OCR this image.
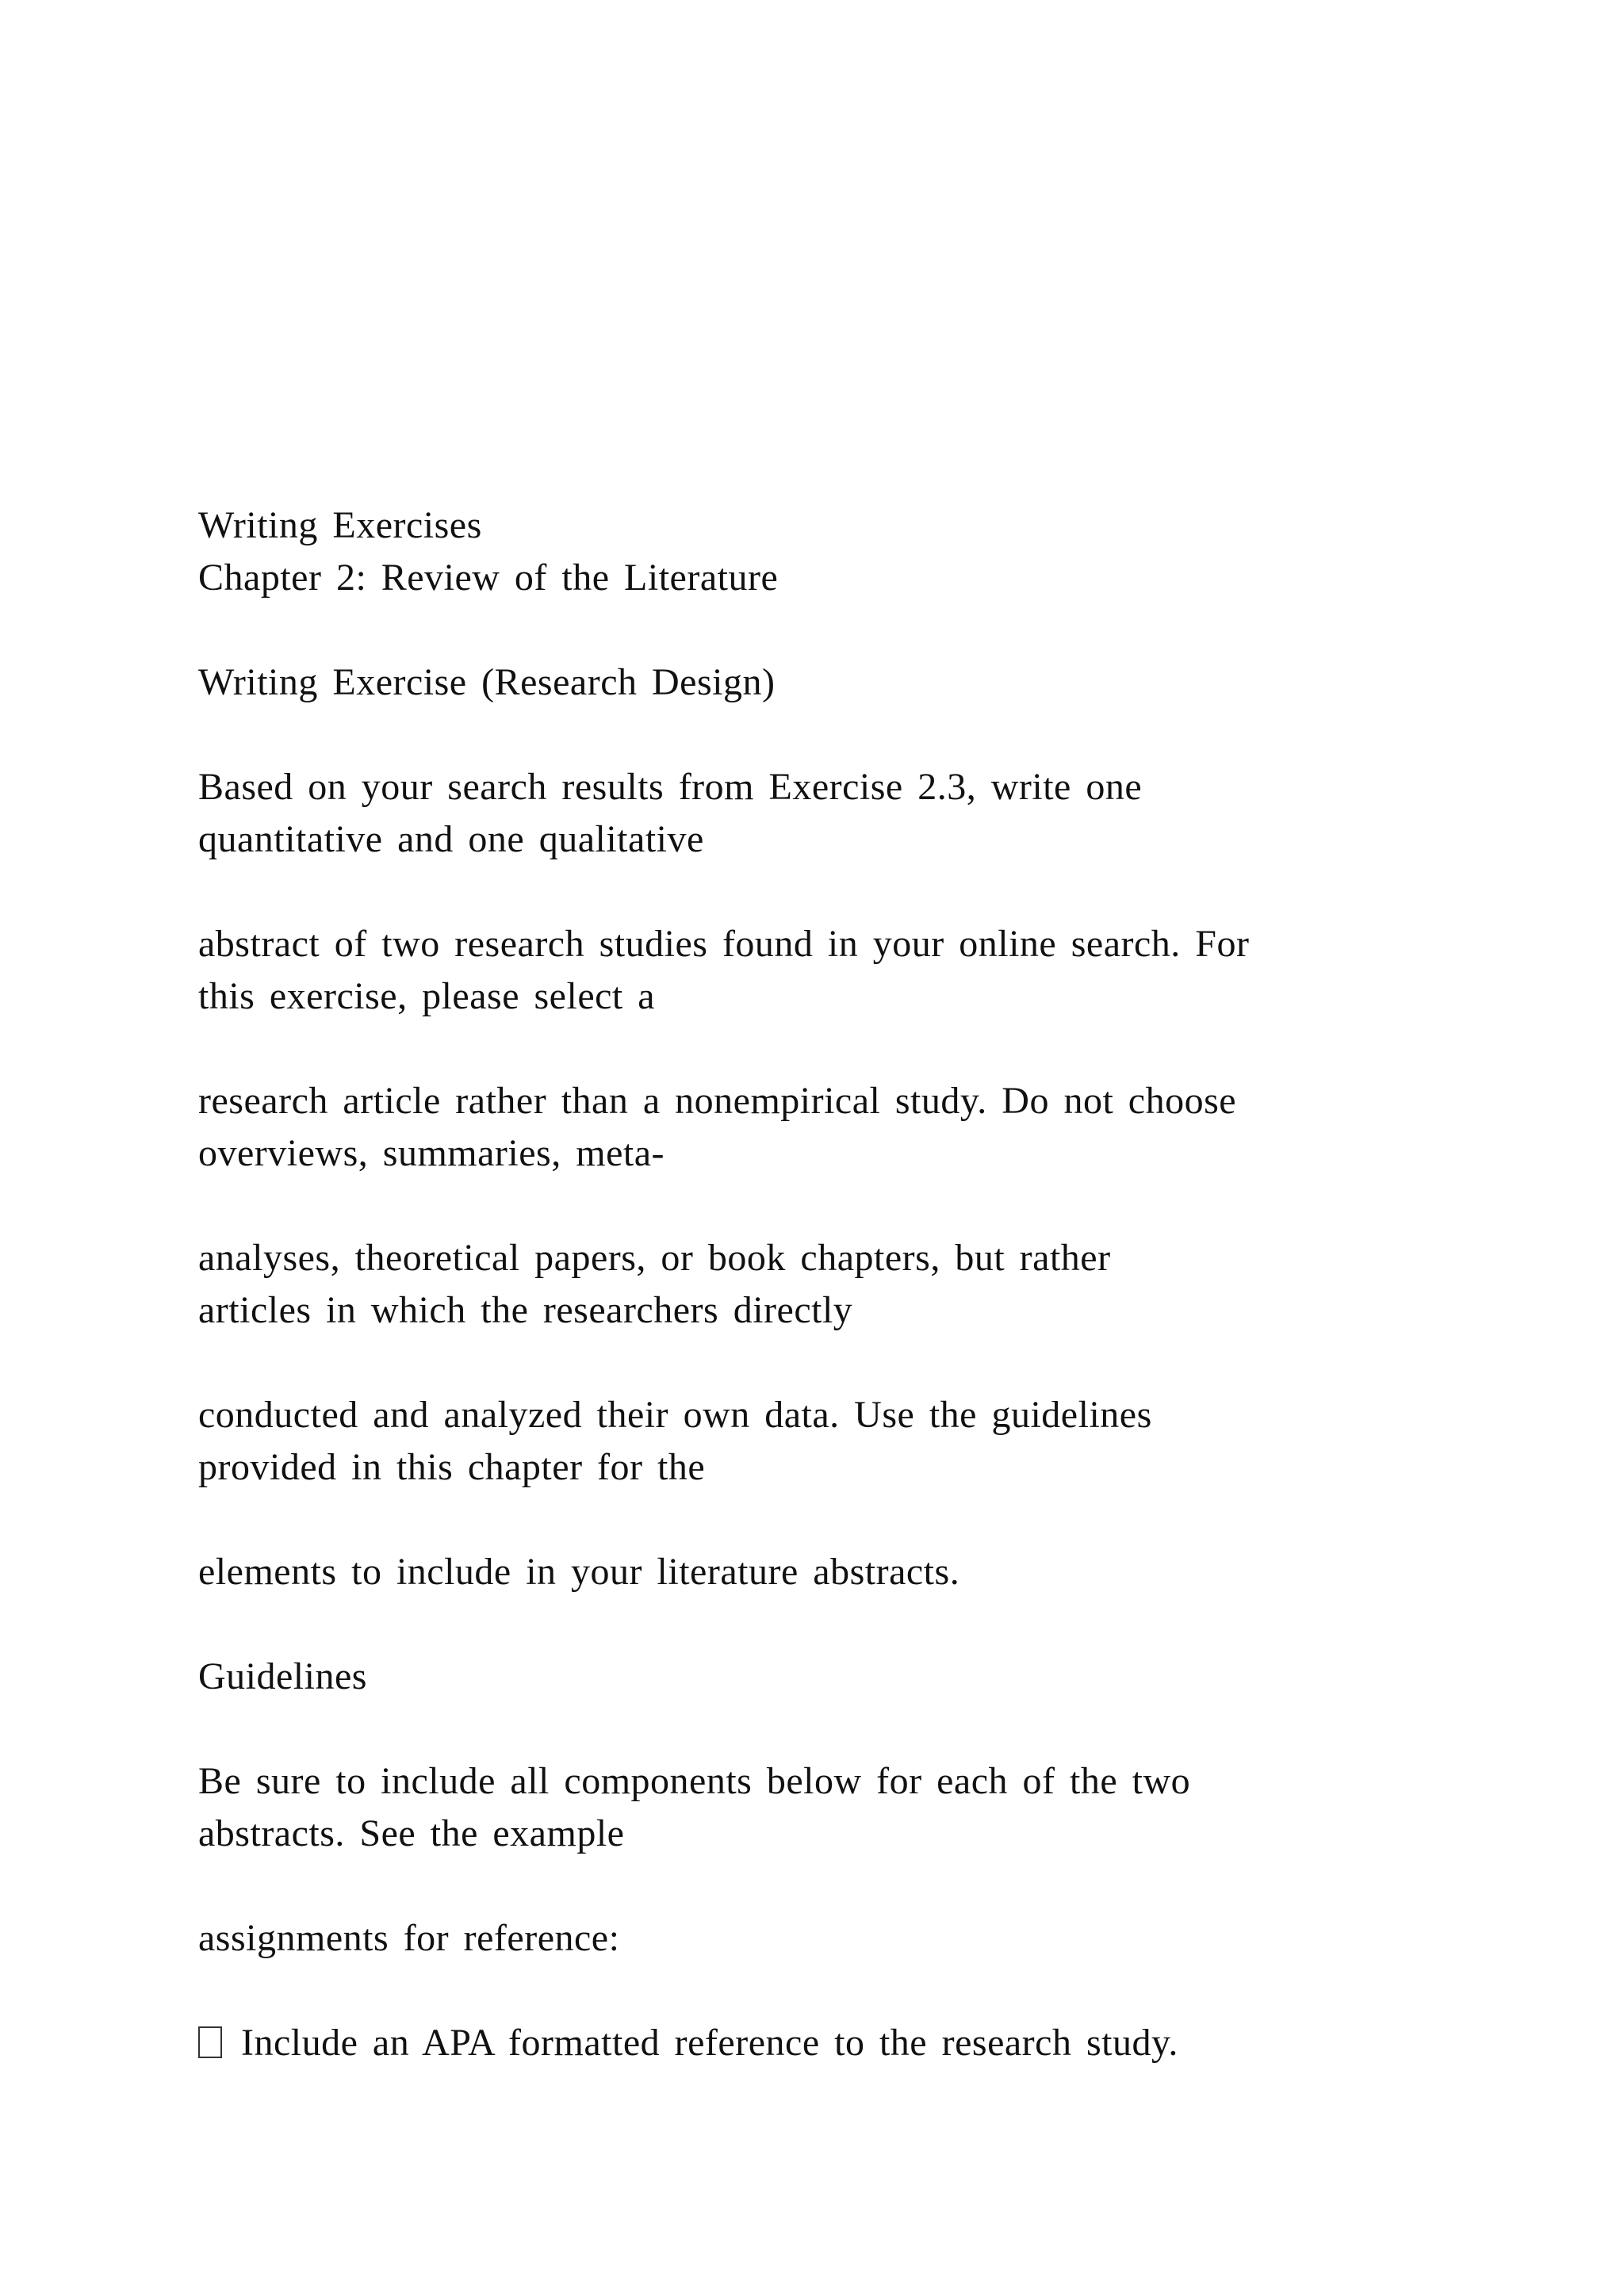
Writing Exercises
Chapter 2: Review of the Literature
Writing Exercise (Research Design)
Based on your search results from Exercise 2.3, write one
quantitative and one qualitative
abstract of two research studies found in your online search. For
this exercise, please select a
research article rather than a nonempirical study. Do not choose
overviews, summaries, meta-
analyses, theoretical papers, or book chapters, but rather
articles in which the researchers directly
conducted and analyzed their own data. Use the guidelines
provided in this chapter for the
elements to include in your literature abstracts.
Guidelines
Be sure to include all components below for each of the two
abstracts. See the example
assignments for reference:
Include an APA formatted reference to the research study.
